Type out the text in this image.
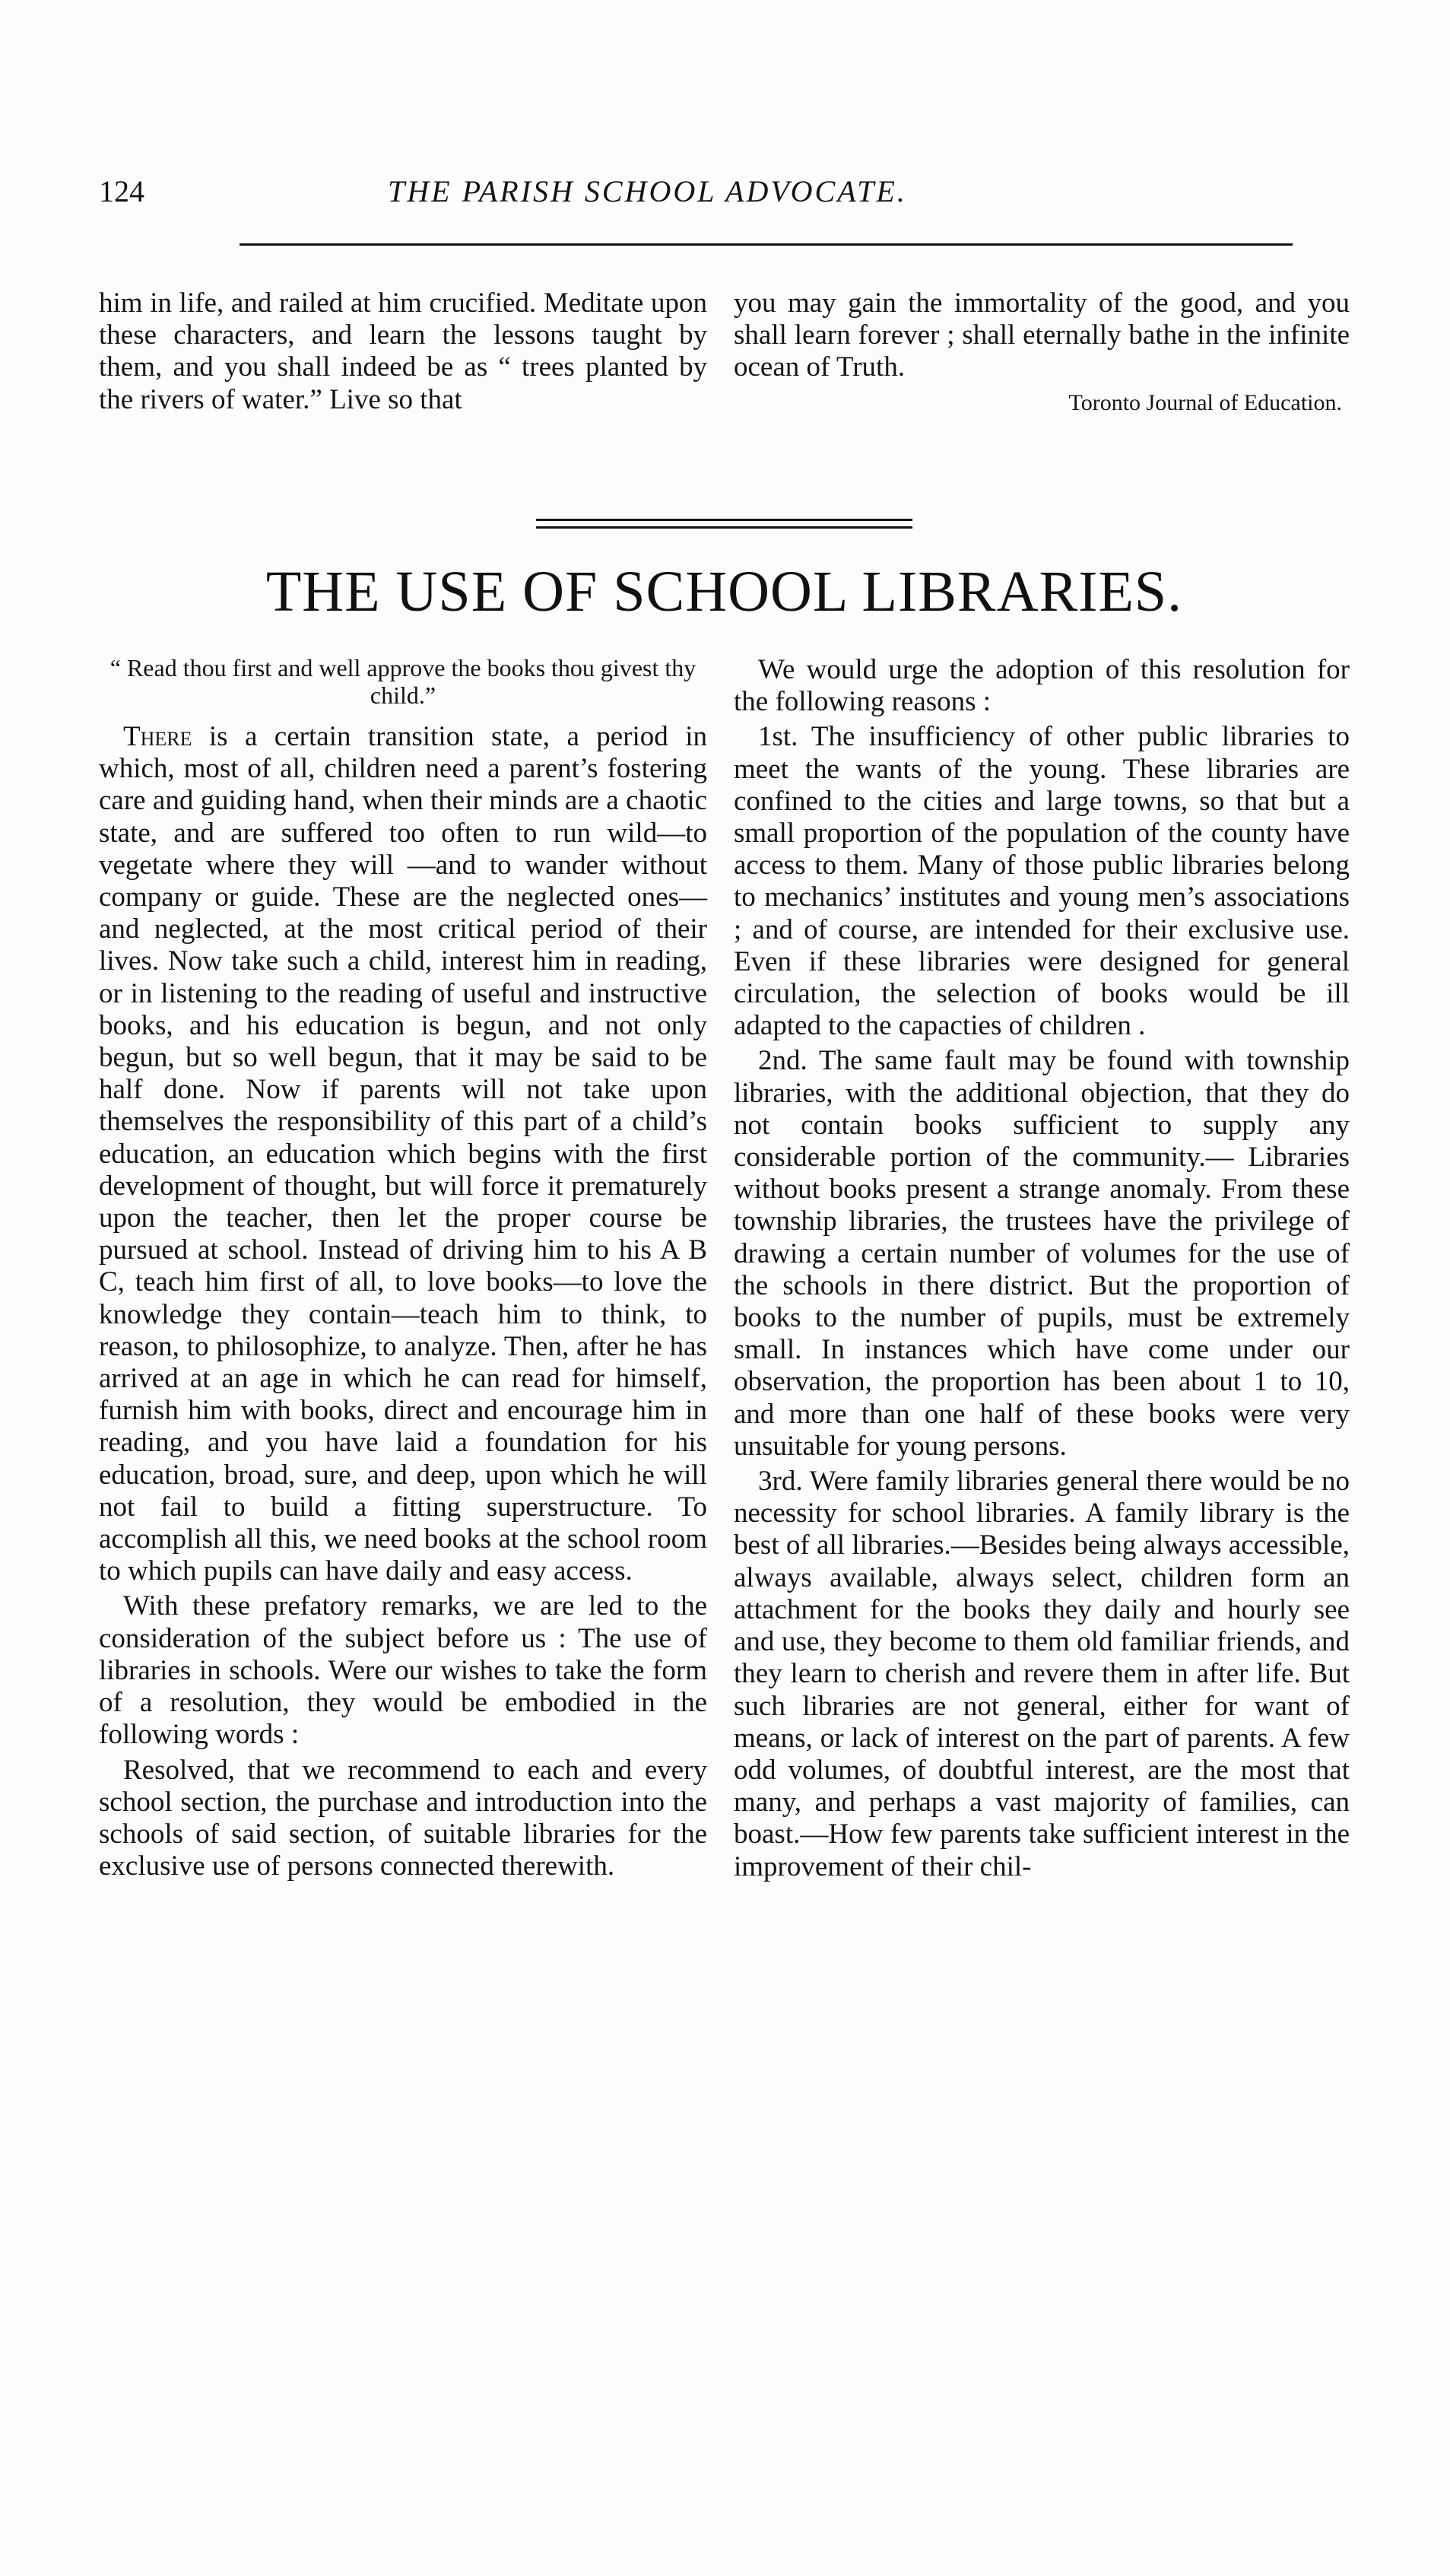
124	THE PARISH SCHOOL ADVOCATE.

him in life, and railed at him crucified. Meditate upon these characters, and learn the lessons taught by them, and you shall indeed be as “ trees planted by the rivers of water.” Live so that

you may gain the immortality of the good, and you shall learn forever ; shall eternally bathe in the infinite ocean of Truth.

Toronto Journal of Education.

THE USE OF SCHOOL LIBRARIES.

“ Read thou first and well approve the books thou givest thy child.”

There is a certain transition state, a period in which, most of all, children need a parent’s fostering care and guiding hand, when their minds are a chaotic state, and are suffered too often to run wild—to vegetate where they will —and to wander without company or guide. These are the neglected ones— and neglected, at the most critical period of their lives. Now take such a child, interest him in reading, or in listening to the reading of useful and instructive books, and his education is begun, and not only begun, but so well begun, that it may be said to be half done. Now if parents will not take upon themselves the responsibility of this part of a child’s education, an education which begins with the first development of thought, but will force it prematurely upon the teacher, then let the proper course be pursued at school. Instead of driving him to his A B C, teach him first of all, to love books—to love the knowledge they contain—teach him to think, to reason, to philosophize, to analyze. Then, after he has arrived at an age in which he can read for himself, furnish him with books, direct and encourage him in reading, and you have laid a foundation for his education, broad, sure, and deep, upon which he will not fail to build a fitting superstructure. To accomplish all this, we need books at the school room to which pupils can have daily and easy access.

With these prefatory remarks, we are led to the consideration of the subject before us : The use of libraries in schools. Were our wishes to take the form of a resolution, they would be embodied in the following words :

Resolved, that we recommend to each and every school section, the purchase and introduction into the schools of said section, of suitable libraries for the exclusive use of persons connected therewith.

We would urge the adoption of this resolution for the following reasons :

1st. The insufficiency of other public libraries to meet the wants of the young. These libraries are confined to the cities and large towns, so that but a small proportion of the population of the county have access to them. Many of those public libraries belong to mechanics’ institutes and young men’s associations ; and of course, are intended for their exclusive use. Even if these libraries were designed for general circulation, the selection of books would be ill adapted to the capacties of children .

2nd. The same fault may be found with township libraries, with the additional objection, that they do not contain books sufficient to supply any considerable portion of the community.— Libraries without books present a strange anomaly. From these township libraries, the trustees have the privilege of drawing a certain number of volumes for the use of the schools in there district. But the proportion of books to the number of pupils, must be extremely small. In instances which have come under our observation, the proportion has been about 1 to 10, and more than one half of these books were very unsuitable for young persons.

3rd. Were family libraries general there would be no necessity for school libraries. A family library is the best of all libraries.—Besides being always accessible, always available, always select, children form an attachment for the books they daily and hourly see and use, they become to them old familiar friends, and they learn to cherish and revere them in after life. But such libraries are not general, either for want of means, or lack of interest on the part of parents. A few odd volumes, of doubtful interest, are the most that many, and perhaps a vast majority of families, can boast.—How few parents take sufficient interest in the improvement of their chil-
